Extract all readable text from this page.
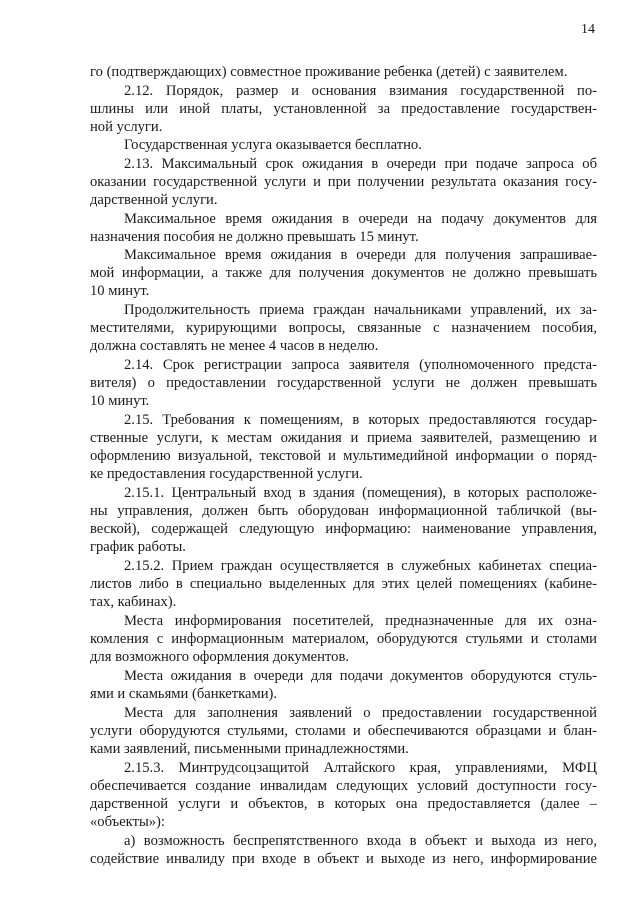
14
го (подтверждающих) совместное проживание ребенка (детей) с заявителем.
2.12. Порядок, размер и основания взимания государственной по-
шлины или иной платы, установленной за предоставление государствен-
ной услуги.
Государственная услуга оказывается бесплатно.
2.13. Максимальный срок ожидания в очереди при подаче запроса об
оказании государственной услуги и при получении результата оказания госу-
дарственной услуги.
Максимальное время ожидания в очереди на подачу документов для
назначения пособия не должно превышать 15 минут.
Максимальное время ожидания в очереди для получения запрашивае-
мой информации, а также для получения документов не должно превышать
10 минут.
Продолжительность приема граждан начальниками управлений, их за-
местителями, курирующими вопросы, связанные с назначением пособия,
должна составлять не менее 4 часов в неделю.
2.14. Срок регистрации запроса заявителя (уполномоченного предста-
вителя) о предоставлении государственной услуги не должен превышать
10 минут.
2.15. Требования к помещениям, в которых предоставляются государ-
ственные услуги, к местам ожидания и приема заявителей, размещению и
оформлению визуальной, текстовой и мультимедийной информации о поряд-
ке предоставления государственной услуги.
2.15.1. Центральный вход в здания (помещения), в которых расположе-
ны управления, должен быть оборудован информационной табличкой (вы-
веской), содержащей следующую информацию: наименование управления,
график работы.
2.15.2. Прием граждан осуществляется в служебных кабинетах специа-
листов либо в специально выделенных для этих целей помещениях (кабине-
тах, кабинах).
Места информирования посетителей, предназначенные для их озна-
комления с информационным материалом, оборудуются стульями и столами
для возможного оформления документов.
Места ожидания в очереди для подачи документов оборудуются стуль-
ями и скамьями (банкетками).
Места для заполнения заявлений о предоставлении государственной
услуги оборудуются стульями, столами и обеспечиваются образцами и блан-
ками заявлений, письменными принадлежностями.
2.15.3. Минтрудсоцзащитой Алтайского края, управлениями, МФЦ
обеспечивается создание инвалидам следующих условий доступности госу-
дарственной услуги и объектов, в которых она предоставляется (далее –
«объекты»):
а) возможность беспрепятственного входа в объект и выхода из него,
содействие инвалиду при входе в объект и выходе из него, информирование
